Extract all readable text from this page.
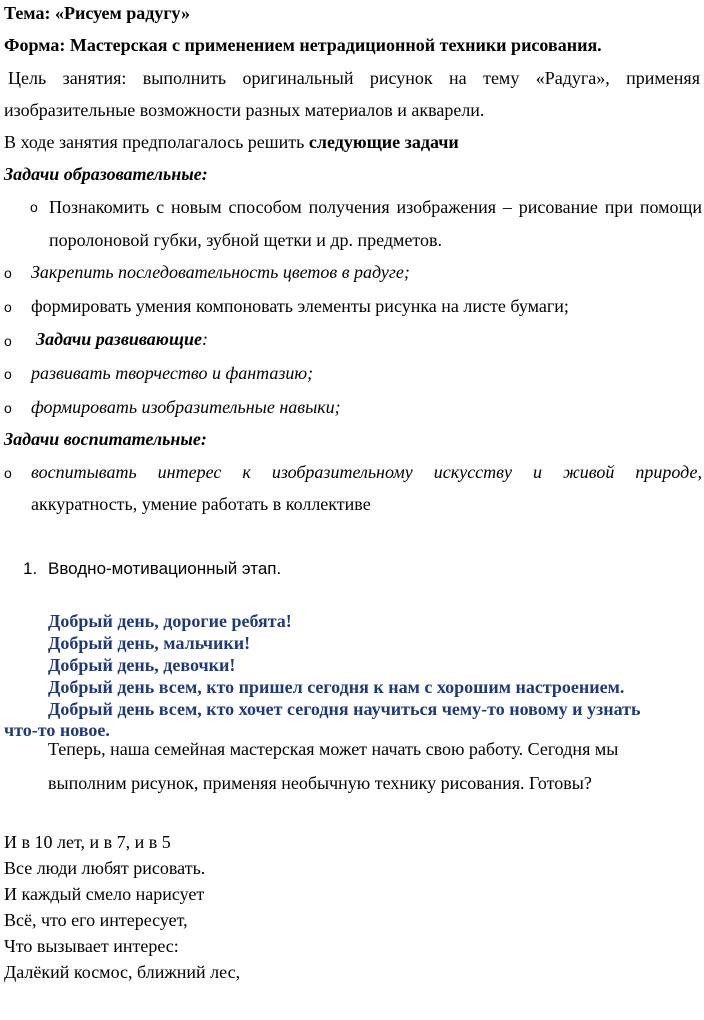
Тема: «Рисуем радугу»
Форма: Мастерская с применением нетрадиционной техники рисования.
Цель занятия: выполнить оригинальный рисунок на тему «Радуга», применяя
изобразительные возможности разных материалов и акварели.
В ходе занятия предполагалось решить следующие задачи
Задачи образовательные:
o Познакомить с новым способом получения изображения – рисование при помощи
поролоновой губки, зубной щетки и др. предметов.
o Закрепить последовательность цветов в радуге;
o формировать умения компоновать элементы рисунка на листе бумаги;
o Задачи развивающие:
o развивать творчество и фантазию;
o формировать изобразительные навыки;
Задачи воспитательные:
o воспитывать интерес к изобразительному искусству и живой природе,
аккуратность, умение работать в коллективе
1. Вводно-мотивационный этап.
Добрый день, дорогие ребята!
Добрый день, мальчики!
Добрый день, девочки!
Добрый день всем, кто пришел сегодня к нам с хорошим настроением.
Добрый день всем, кто хочет сегодня научиться чему-то новому и узнать
что-то новое.
Теперь, наша семейная мастерская может начать свою работу. Сегодня мы
выполним рисунок, применяя необычную технику рисования. Готовы?
И в 10 лет, и в 7, и в 5
Все люди любят рисовать.
И каждый смело нарисует
Всё, что его интересует,
Что вызывает интерес:
Далёкий космос, ближний лес,
